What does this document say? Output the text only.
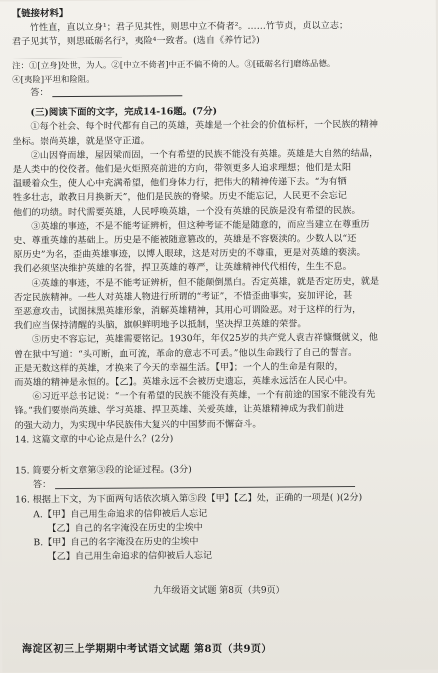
【链接材料】
竹性直，直以立身¹；君子见其性，则思中立不倚者²。……竹节贞，贞以立志；
君子见其节，则思砥砺名行³，夷险⁴一致者。(选自《养竹记》)
注：①[立身]处世，为人。②[中立不倚者]中正不偏不倚的人。③[砥砺名行]磨练品德。
④[夷险]平坦和险阻。
答：
(三)阅读下面的文字，完成14-16题。(7分)
①每个社会、每个时代都有自己的英雄，英雄是一个社会的价值标杆，一个民族的精神
坐标。崇尚英雄，就是坚守正道。
②山因脊而雄，屋因梁而固，一个有希望的民族不能没有英雄。英雄是大自然的结晶，
是人类中的佼佼者。他们是火炬照亮前进的方向，带领更多人追求理想；他们是太阳
温暖着众生，使人心中充满希望，他们身体力行，把伟大的精神传递下去。“为有牺
牲多壮志，敢教日月换新天”，他们是民族的脊梁。历史不能忘记，人民更不会忘记
他们的功绩。时代需要英雄，人民呼唤英雄，一个没有英雄的民族是没有希望的民族。
③英雄的事迹，不是不能考证辨析，但这种考证不能是随意的，而应当建立在尊重历
史、尊重英雄的基础上。历史是不能被随意篡改的，英雄是不容亵渎的。少数人以“还
原历史”为名，歪曲英雄事迹，以博人眼球，这是对历史的不尊重，更是对英雄的亵渎。
我们必须坚决维护英雄的名誉，捍卫英雄的尊严，让英雄精神代代相传，生生不息。
④英雄的事迹，不是不能考证辨析，但不能颠倒黑白。否定英雄，就是否定历史，就是
否定民族精神。一些人对英雄人物进行所谓的“考证”，不惜歪曲事实，妄加评论，甚
至恶意攻击，试图抹黑英雄形象，消解英雄精神，其用心可谓险恶。对于这样的行为，
我们应当保持清醒的头脑，旗帜鲜明地予以抵制，坚决捍卫英雄的荣誉。
⑤历史不容忘记，英雄需要铭记。1930年，年仅25岁的共产党人袁吉祥慷慨就义，他
曾在狱中写道：“头可断，血可流，革命的意志不可丢。”他以生命践行了自己的誓言。
正是无数这样的英雄，才换来了今天的幸福生活。【甲】；一个人的生命是有限的，
而英雄的精神是永恒的。【乙】。英雄永远不会被历史遗忘，英雄永远活在人民心中。
⑥习近平总书记说：“一个有希望的民族不能没有英雄，一个有前途的国家不能没有先
锋。”我们要崇尚英雄、学习英雄、捍卫英雄、关爱英雄，让英雄精神成为我们前进
的强大动力，为实现中华民族伟大复兴的中国梦而不懈奋斗。
14. 这篇文章的中心论点是什么？(2分)
15. 简要分析文章第③段的论证过程。(3分)
答：
16. 根据上下文，为下面两句话依次填入第⑤段【甲】【乙】处，正确的一项是( )(2分)
A.【甲】自己用生命追求的信仰被后人忘记
【乙】自己的名字淹没在历史的尘埃中
B.【甲】自己的名字淹没在历史的尘埃中
【乙】自己用生命追求的信仰被后人忘记
九年级语文试题 第8页（共9页）
海淀区初三上学期期中考试语文试题 第8页（共9页）
